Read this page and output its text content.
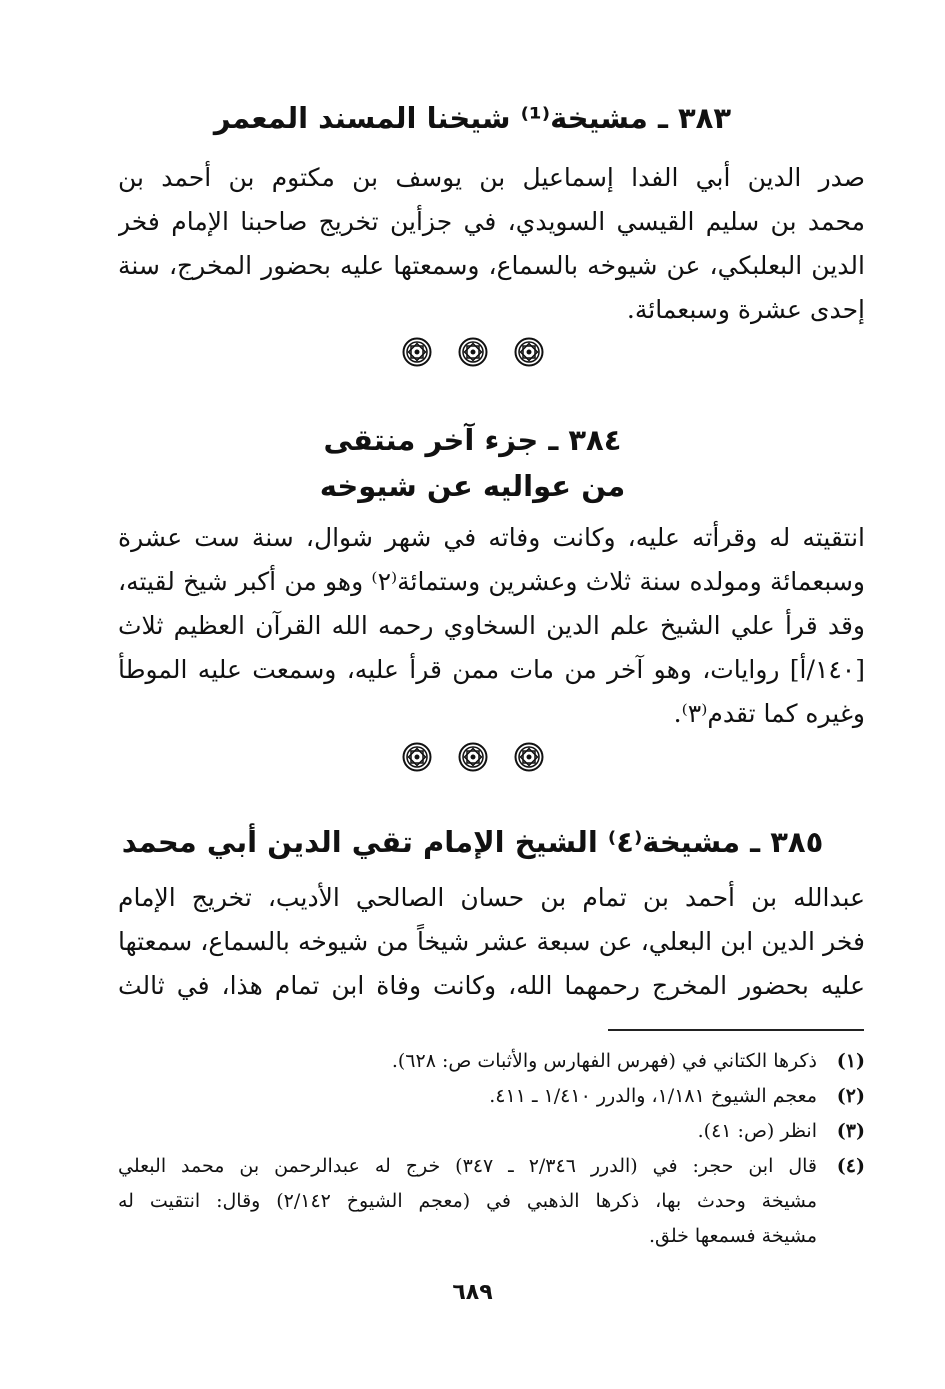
٣٨٣ ـ مشيخة⁽¹⁾ شيخنا المسند المعمر
صدر الدين أبي الفدا إسماعيل بن يوسف بن مكتوم بن أحمد بن
محمد بن سليم القيسي السويدي، في جزأين تخريج صاحبنا الإمام فخر
الدين البعلبكي، عن شيوخه بالسماع، وسمعتها عليه بحضور المخرج، سنة
إحدى عشرة وسبعمائة.
٣٨٤ ـ جزء آخر منتقى
من عواليه عن شيوخه
انتقيته له وقرأته عليه، وكانت وفاته في شهر شوال، سنة ست عشرة
وسبعمائة ومولده سنة ثلاث وعشرين وستمائة⁽٢⁾ وهو من أكبر شيخ لقيته،
وقد قرأ علي الشيخ علم الدين السخاوي رحمه الله القرآن العظيم ثلاث
[١٤٠/أ] روايات، وهو آخر من مات ممن قرأ عليه، وسمعت عليه الموطأ
وغيره كما تقدم⁽٣⁾.
٣٨٥ ـ مشيخة⁽٤⁾ الشيخ الإمام تقي الدين أبي محمد
عبدالله بن أحمد بن تمام بن حسان الصالحي الأديب، تخريج الإمام
فخر الدين ابن البعلي، عن سبعة عشر شيخاً من شيوخه بالسماع، سمعتها
عليه بحضور المخرج رحمهما الله، وكانت وفاة ابن تمام هذا، في ثالث
(١)
ذكرها الكتاني في (فهرس الفهارس والأثبات ص: ٦٢٨).
(٢)
معجم الشيوخ ١/١٨١، والدرر ١/٤١٠ ـ ٤١١.
(٣)
انظر (ص: ٤١).
(٤)
قال ابن حجر: في (الدرر ٢/٣٤٦ ـ ٣٤٧) خرج له عبدالرحمن بن محمد البعلي
مشيخة وحدث بها، ذكرها الذهبي في (معجم الشيوخ ٢/١٤٢) وقال: انتقيت له
مشيخة فسمعها خلق.
٦٨٩
